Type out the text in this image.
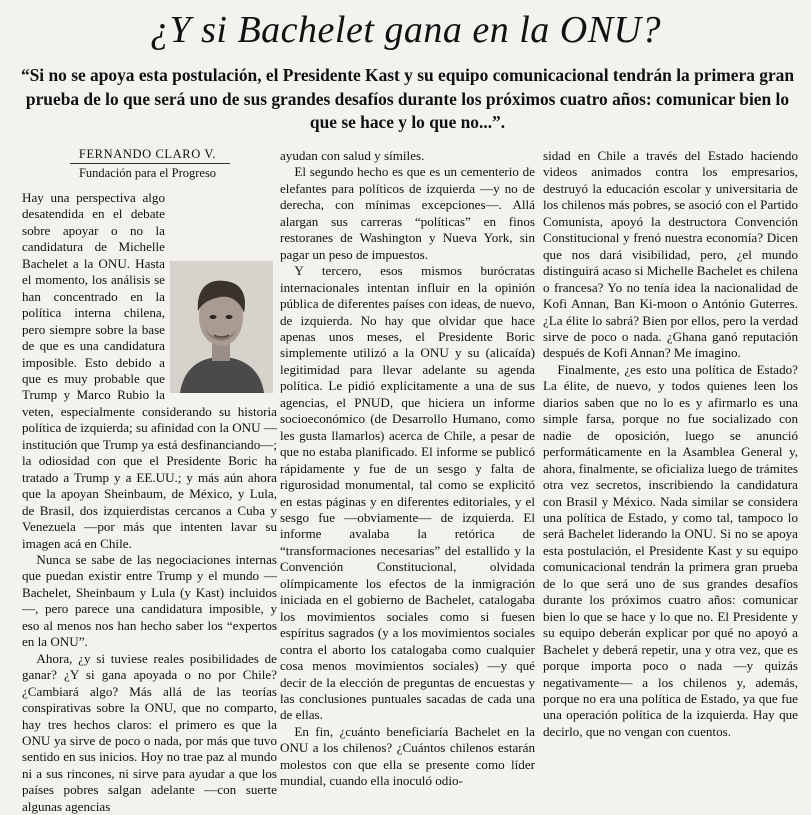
¿Y si Bachelet gana en la ONU?
“Si no se apoya esta postulación, el Presidente Kast y su equipo comunicacional tendrán la primera gran prueba de lo que será uno de sus grandes desafíos durante los próximos cuatro años: comunicar bien lo que se hace y lo que no...”.
FERNANDO CLARO V.
Fundación para el Progreso

Hay una perspectiva algo desatendida en el debate sobre apoyar o no la candidatura de Michelle Bachelet a la ONU. Hasta el momento, los análisis se han concentrado en la política interna chilena, pero siempre sobre la base de que es una candidatura imposible. Esto debido a que es muy probable que Trump y Marco Rubio la veten, especialmente considerando su historia política de izquierda; su afinidad con la ONU —institución que Trump ya está desfinanciando—; la odiosidad con que el Presidente Boric ha tratado a Trump y a EE.UU.; y más aún ahora que la apoyan Sheinbaum, de México, y Lula, de Brasil, dos izquierdistas cercanos a Cuba y Venezuela —por más que intenten lavar su imagen acá en Chile.

Nunca se sabe de las negociaciones internas que puedan existir entre Trump y el mundo —Bachelet, Sheinbaum y Lula (y Kast) incluidos—, pero parece una candidatura imposible, y eso al menos nos han hecho saber los “expertos en la ONU”.

Ahora, ¿y si tuviese reales posibilidades de ganar? ¿Y si gana apoyada o no por Chile? ¿Cambiará algo? Más allá de las teorías conspirativas sobre la ONU, que no comparto, hay tres hechos claros: el primero es que la ONU ya sirve de poco o nada, por más que tuvo sentido en sus inicios. Hoy no trae paz al mundo ni a sus rincones, ni sirve para ayudar a que los países pobres salgan adelante —con suerte algunas agencias

ayudan con salud y símiles.

El segundo hecho es que es un cementerio de elefantes para políticos de izquierda —y no de derecha, con mínimas excepciones—. Allá alargan sus carreras “políticas” en finos restoranes de Washington y Nueva York, sin pagar un peso de impuestos.

Y tercero, esos mismos burócratas internacionales intentan influir en la opinión pública de diferentes países con ideas, de nuevo, de izquierda. No hay que olvidar que hace apenas unos meses, el Presidente Boric simplemente utilizó a la ONU y su (alicaída) legitimidad para llevar adelante su agenda política. Le pidió explícitamente a una de sus agencias, el PNUD, que hiciera un informe socioeconómico (de Desarrollo Humano, como les gusta llamarlos) acerca de Chile, a pesar de que no estaba planificado. El informe se publicó rápidamente y fue de un sesgo y falta de rigurosidad monumental, tal como se explicitó en estas páginas y en diferentes editoriales, y el sesgo fue —obviamente— de izquierda. El informe avalaba la retórica de “transformaciones necesarias” del estallido y la Convención Constitucional, olvidada olímpicamente los efectos de la inmigración iniciada en el gobierno de Bachelet, catalogaba los movimientos sociales como si fuesen espíritus sagrados (y a los movimientos sociales contra el aborto los catalogaba como cualquier cosa menos movimientos sociales) —y qué decir de la elección de preguntas de encuestas y las conclusiones puntuales sacadas de cada una de ellas.

En fin, ¿cuánto beneficiaría Bachelet en la ONU a los chilenos? ¿Cuántos chilenos estarán molestos con que ella se presente como líder mundial, cuando ella inoculó odio-

sidad en Chile a través del Estado haciendo videos animados contra los empresarios, destruyó la educación escolar y universitaria de los chilenos más pobres, se asoció con el Partido Comunista, apoyó la destructora Convención Constitucional y frenó nuestra economía? Dicen que nos dará visibilidad, pero, ¿el mundo distinguirá acaso si Michelle Bachelet es chilena o francesa? Yo no tenía idea la nacionalidad de Kofi Annan, Ban Ki-moon o António Guterres. ¿La élite lo sabrá? Bien por ellos, pero la verdad sirve de poco o nada. ¿Ghana ganó reputación después de Kofi Annan? Me imagino.

Finalmente, ¿es esto una política de Estado? La élite, de nuevo, y todos quienes leen los diarios saben que no lo es y afirmarlo es una simple farsa, porque no fue socializado con nadie de oposición, luego se anunció performáticamente en la Asamblea General y, ahora, finalmente, se oficializa luego de trámites otra vez secretos, inscribiendo la candidatura con Brasil y México. Nada similar se considera una política de Estado, y como tal, tampoco lo será Bachelet liderando la ONU. Si no se apoya esta postulación, el Presidente Kast y su equipo comunicacional tendrán la primera gran prueba de lo que será uno de sus grandes desafíos durante los próximos cuatro años: comunicar bien lo que se hace y lo que no. El Presidente y su equipo deberán explicar por qué no apoyó a Bachelet y deberá repetir, una y otra vez, que es porque importa poco o nada —y quizás negativamente— a los chilenos y, además, porque no era una política de Estado, ya que fue una operación política de la izquierda. Hay que decirlo, que no vengan con cuentos.
